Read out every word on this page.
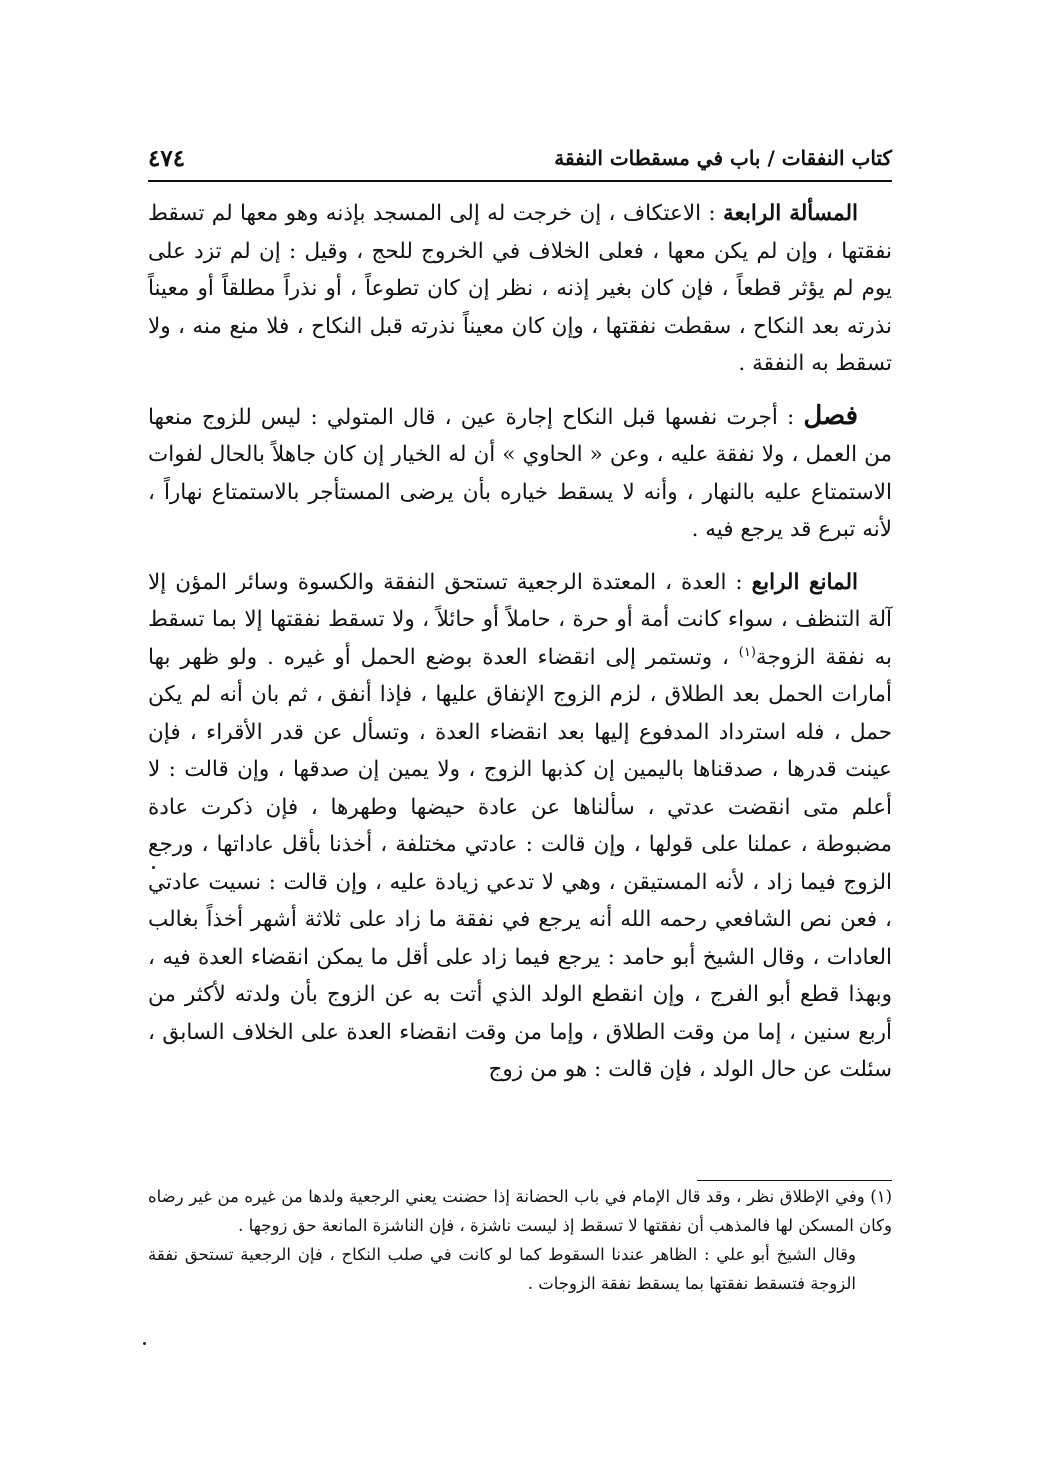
كتاب النفقات / باب في مسقطات النفقة
٤٧٤

المسألة الرابعة : الاعتكاف ، إن خرجت له إلى المسجد بإذنه وهو معها لم تسقط نفقتها ، وإن لم يكن معها ، فعلى الخلاف في الخروج للحج ، وقيل : إن لم تزد على يوم لم يؤثر قطعاً ، فإن كان بغير إذنه ، نظر إن كان تطوعاً ، أو نذراً مطلقاً أو معيناً نذرته بعد النكاح ، سقطت نفقتها ، وإن كان معيناً نذرته قبل النكاح ، فلا منع منه ، ولا تسقط به النفقة .

فصل : أجرت نفسها قبل النكاح إجارة عين ، قال المتولي : ليس للزوج منعها من العمل ، ولا نفقة عليه ، وعن « الحاوي » أن له الخيار إن كان جاهلاً بالحال لفوات الاستمتاع عليه بالنهار ، وأنه لا يسقط خياره بأن يرضى المستأجر بالاستمتاع نهاراً ، لأنه تبرع قد يرجع فيه .

المانع الرابع : العدة ، المعتدة الرجعية تستحق النفقة والكسوة وسائر المؤن إلا آلة التنظف ، سواء كانت أمة أو حرة ، حاملاً أو حائلاً ، ولا تسقط نفقتها إلا بما تسقط به نفقة الزوجة$^{(١)}$ ، وتستمر إلى انقضاء العدة بوضع الحمل أو غيره . ولو ظهر بها أمارات الحمل بعد الطلاق ، لزم الزوج الإنفاق عليها ، فإذا أنفق ، ثم بان أنه لم يكن حمل ، فله استرداد المدفوع إليها بعد انقضاء العدة ، وتسأل عن قدر الأقراء ، فإن عينت قدرها ، صدقناها باليمين إن كذبها الزوج ، ولا يمين إن صدقها ، وإن قالت : لا أعلم متى انقضت عدتي ، سألناها عن عادة حيضها وطهرها ، فإن ذكرت عادة مضبوطة ، عملنا على قولها ، وإن قالت : عادتي مختلفة ، أخذنا بأقل عاداتها ، ورجع الزوج فيما زاد ، لأنه المستيقن ، وهي لا تدعي زيادة عليه ، وإن قالت : نسيت عادتي ، فعن نص الشافعي رحمه الله أنه يرجع في نفقة ما زاد على ثلاثة أشهر أخذاً بغالب العادات ، وقال الشيخ أبو حامد : يرجع فيما زاد على أقل ما يمكن انقضاء العدة فيه ، وبهذا قطع أبو الفرج ، وإن انقطع الولد الذي أتت به عن الزوج بأن ولدته لأكثر من أربع سنين ، إما من وقت الطلاق ، وإما من وقت انقضاء العدة على الخلاف السابق ، سئلت عن حال الولد ، فإن قالت : هو من زوج

(١) وفي الإطلاق نظر ، وقد قال الإمام في باب الحضانة إذا حضنت يعني الرجعية ولدها من غيره من غير رضاه وكان المسكن لها فالمذهب أن نفقتها لا تسقط إذ ليست ناشزة ، فإن الناشزة المانعة حق زوجها .

وقال الشيخ أبو علي : الظاهر عندنا السقوط كما لو كانت في صلب النكاح ، فإن الرجعية تستحق نفقة الزوجة فتسقط نفقتها بما يسقط نفقة الزوجات .
